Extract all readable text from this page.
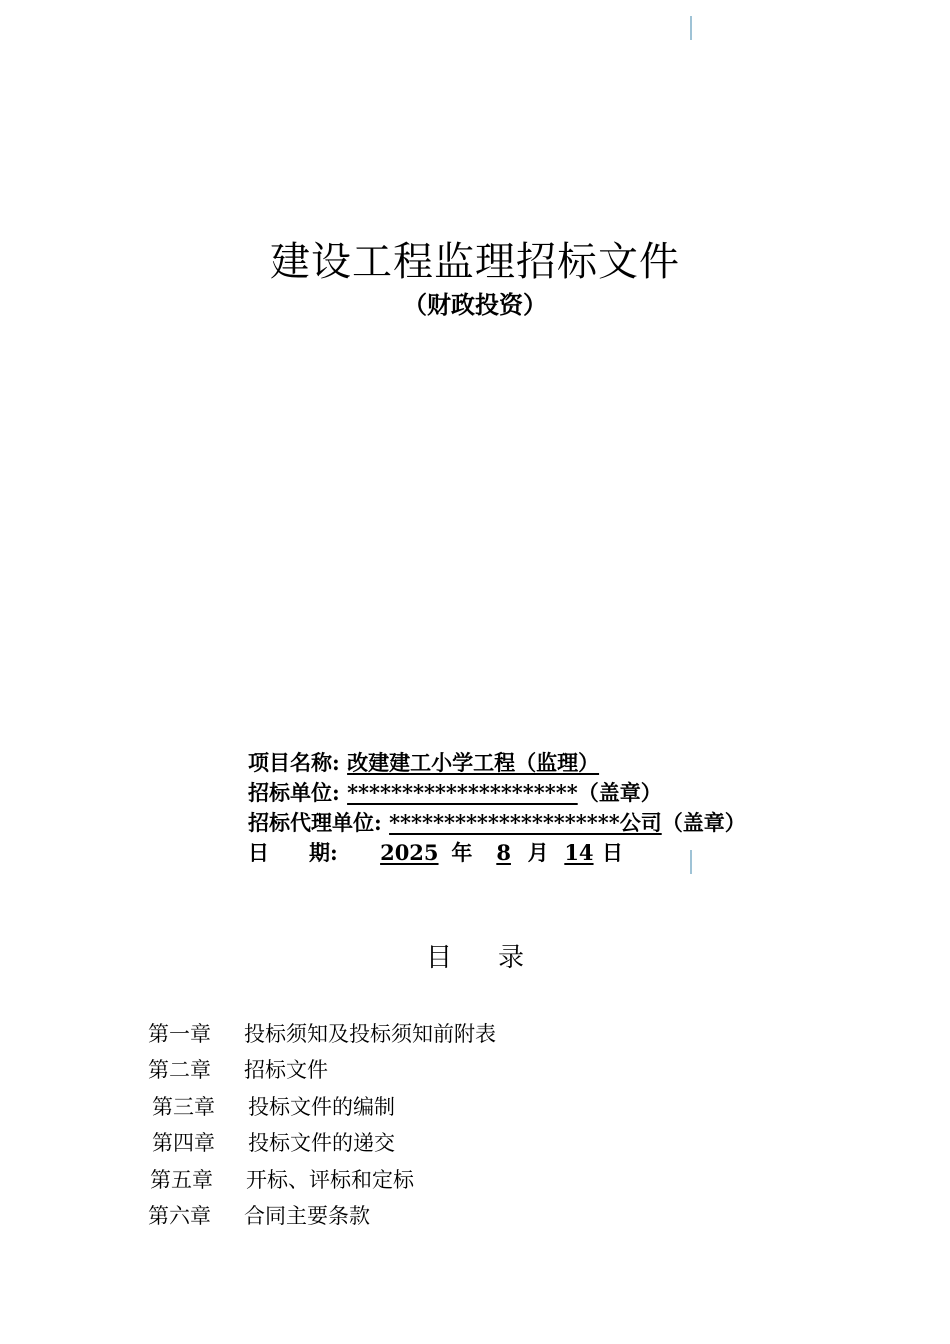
建设工程监理招标文件
（财政投资）
项目名称: 改建建工小学工程（监理）
招标单位: *********************（盖章）
招标代理单位: *********************公司（盖章）
日 期: 2025 年 8 月 14 日
目 录
第一章 投标须知及投标须知前附表
第二章 招标文件
第三章 投标文件的编制
第四章 投标文件的递交
第五章 开标、评标和定标
第六章 合同主要条款
